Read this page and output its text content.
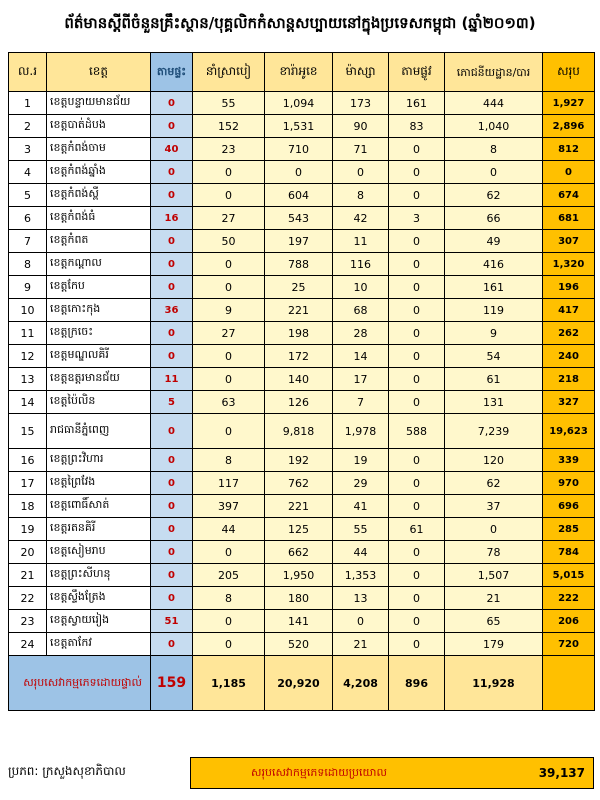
ព័ត៌មានស្ដីពីចំនួនគ្រឹះស្ថាន/បុគ្គលិកកំសាន្តសប្បាយនៅក្នុងប្រទេសកម្ពុជា (ឆ្នាំ២០១៣)
ល.រ	ខេត្ត	តាមផ្ទះ	នាំស្រាបៀ	ខារ៉ាអូខេ	ម៉ាស្សា	តាមផ្លូវ	ភោជនីយដ្ឋាន/បារ	សរុប
1	ខេត្តបន្ទាយមានជ័យ	0	55	1,094	173	161	444	1,927
2	ខេត្តបាត់ដំបង	0	152	1,531	90	83	1,040	2,896
3	ខេត្តកំពង់ចាម	40	23	710	71	0	8	812
4	ខេត្តកំពង់ឆ្នាំង	0	0	0	0	0	0	0
5	ខេត្តកំពង់ស្ពឺ	0	0	604	8	0	62	674
6	ខេត្តកំពង់ធំ	16	27	543	42	3	66	681
7	ខេត្តកំពត	0	50	197	11	0	49	307
8	ខេត្តកណ្ដាល	0	0	788	116	0	416	1,320
9	ខេត្តកែប	0	0	25	10	0	161	196
10	ខេត្តកោះកុង	36	9	221	68	0	119	417
11	ខេត្តក្រចេះ	0	27	198	28	0	9	262
12	ខេត្តមណ្ឌលគិរី	0	0	172	14	0	54	240
13	ខេត្តឧត្តរមានជ័យ	11	0	140	17	0	61	218
14	ខេត្តប៉ៃលិន	5	63	126	7	0	131	327
15	រាជធានីភ្នំពេញ	0	0	9,818	1,978	588	7,239	19,623
16	ខេត្តព្រះវិហារ	0	8	192	19	0	120	339
17	ខេត្តព្រៃវែង	0	117	762	29	0	62	970
18	ខេត្តពោធិ៍សាត់	0	397	221	41	0	37	696
19	ខេត្តរតនគិរី	0	44	125	55	61	0	285
20	ខេត្តសៀមរាប	0	0	662	44	0	78	784
21	ខេត្តព្រះសីហនុ	0	205	1,950	1,353	0	1,507	5,015
22	ខេត្តស្ទឹងត្រែង	0	8	180	13	0	21	222
23	ខេត្តស្វាយរៀង	51	0	141	0	0	65	206
24	ខេត្តតាកែវ	0	0	520	21	0	179	720
សរុបសេវាកម្មភេទដោយផ្ទាល់		159	1,185	20,920	4,208	896	11,928	
ប្រភព: ក្រសួងសុខាភិបាល	សរុបសេវាកម្មភេទដោយប្រយោល	39,137
